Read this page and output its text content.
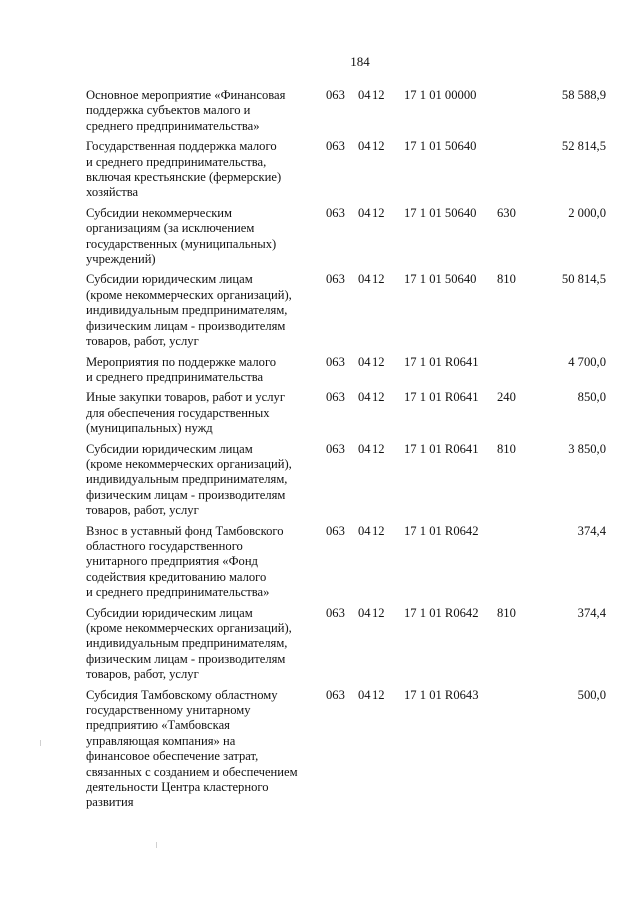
184
Основное мероприятие «Финансовая
поддержка субъектов малого и
среднего предпринимательства»
063 04 12 17 1 01 00000	58 588,9
Государственная поддержка малого
и среднего предпринимательства,
включая крестьянские (фермерские)
хозяйства
063 04 12 17 1 01 50640	52 814,5
Субсидии некоммерческим
организациям (за исключением
государственных (муниципальных)
учреждений)
063 04 12 17 1 01 50640 630	2 000,0
Субсидии юридическим лицам
(кроме некоммерческих организаций),
индивидуальным предпринимателям,
физическим лицам - производителям
товаров, работ, услуг
063 04 12 17 1 01 50640 810	50 814,5
Мероприятия по поддержке малого
и среднего предпринимательства
063 04 12 17 1 01 R0641	4 700,0
Иные закупки товаров, работ и услуг
для обеспечения государственных
(муниципальных) нужд
063 04 12 17 1 01 R0641 240	850,0
Субсидии юридическим лицам
(кроме некоммерческих организаций),
индивидуальным предпринимателям,
физическим лицам - производителям
товаров, работ, услуг
063 04 12 17 1 01 R0641 810	3 850,0
Взнос в уставный фонд Тамбовского
областного государственного
унитарного предприятия «Фонд
содействия кредитованию малого
и среднего предпринимательства»
063 04 12 17 1 01 R0642	374,4
Субсидии юридическим лицам
(кроме некоммерческих организаций),
индивидуальным предпринимателям,
физическим лицам - производителям
товаров, работ, услуг
063 04 12 17 1 01 R0642 810	374,4
Субсидия Тамбовскому областному
государственному унитарному
предприятию «Тамбовская
управляющая компания» на
финансовое обеспечение затрат,
связанных с созданием и обеспечением
деятельности Центра кластерного
развития
063 04 12 17 1 01 R0643	500,0
